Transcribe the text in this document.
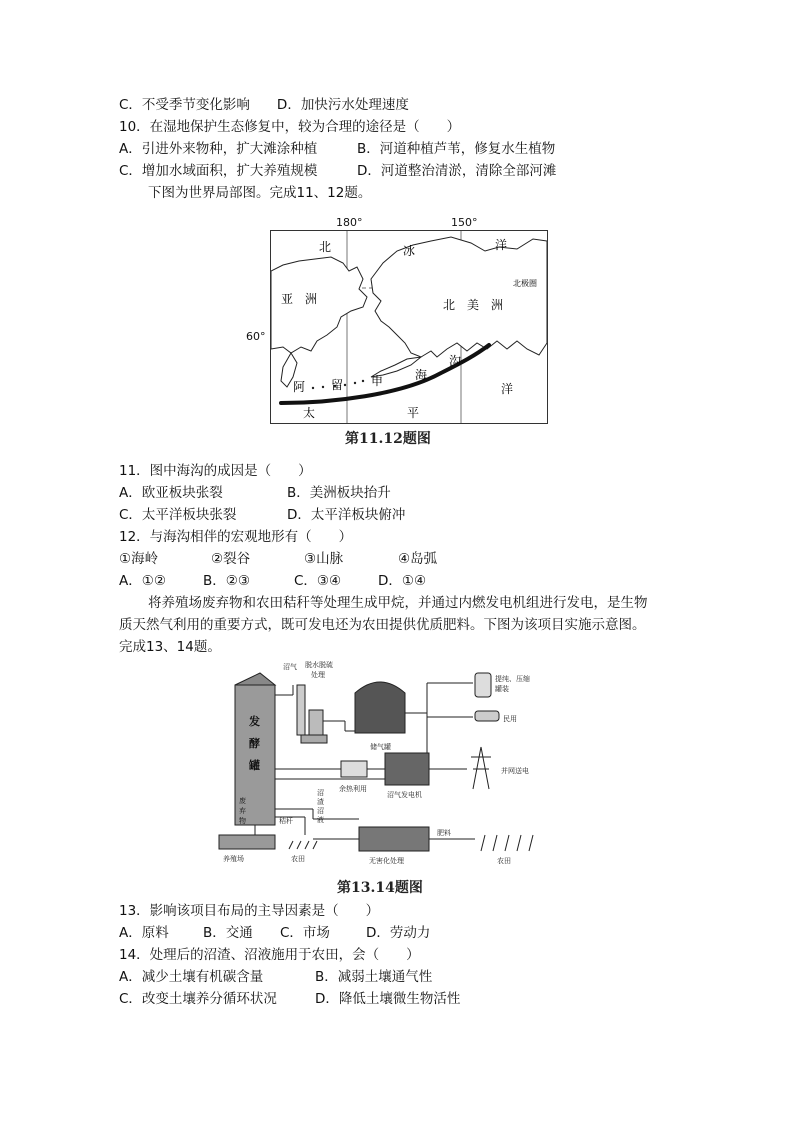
C．不受季节变化影响　　D．加快污水处理速度
10．在湿地保护生态修复中，较为合理的途径是（　　）
A．引进外来物种，扩大滩涂种植	B．河道种植芦苇，修复水生植物
C．增加水域面积，扩大养殖规模	D．河道整治清淤，清除全部河滩
下图为世界局部图。完成11、12题。
180°	150°
60°
北	冰	洋
北极圈
亚 洲	北 美 洲
阿 留 申	海
沟
洋
太	平
第11.12题图
11．图中海沟的成因是（　　）
A．欧亚板块张裂	B．美洲板块抬升
C．太平洋板块张裂	D．太平洋板块俯冲
12．与海沟相伴的宏观地形有（　　）
①海岭	②裂谷	③山脉	④岛弧
A．①②	B．②③	C．③④	D．①④
将养殖场废弃物和农田秸秆等处理生成甲烷，并通过内燃发电机组进行发电，是生物
质天然气利用的重要方式，既可发电还为农田提供优质肥料。下图为该项目实施示意图。
完成13、14题。
沼气 脱水脱硫
处理
储气罐
提纯、压缩
罐装
民用
余热利用
沼气发电机
并网送电
秸秆
养殖场	农田	无害化处理
肥料
农田
发
酵
罐
废
弃
物
沼
渣
沼
液
第13.14题图
13．影响该项目布局的主导因素是（　　）
A．原料	B．交通 C．市场	D．劳动力
14．处理后的沼渣、沼液施用于农田，会（　　）
A．减少土壤有机碳含量	B．减弱土壤通气性
C．改变土壤养分循环状况	D．降低土壤微生物活性
